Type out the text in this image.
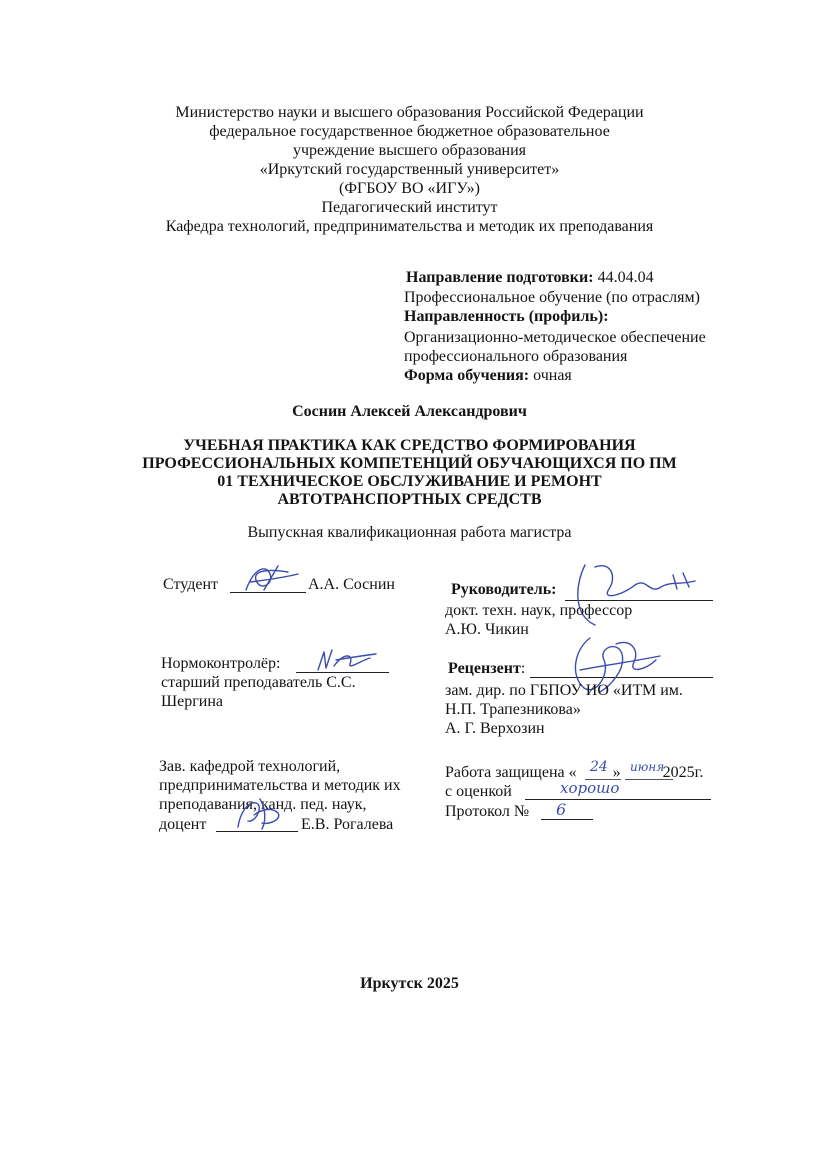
Министерство науки и высшего образования Российской Федерации
федеральное государственное бюджетное образовательное
учреждение высшего образования
«Иркутский государственный университет»
(ФГБОУ ВО «ИГУ»)
Педагогический институт
Кафедра технологий, предпринимательства и методик их преподавания
Направление подготовки: 44.04.04
Профессиональное обучение (по отраслям)
Направленность (профиль):
Организационно-методическое обеспечение
профессионального образования
Форма обучения: очная
Соснин Алексей Александрович
УЧЕБНАЯ ПРАКТИКА КАК СРЕДСТВО ФОРМИРОВАНИЯ
ПРОФЕССИОНАЛЬНЫХ КОМПЕТЕНЦИЙ ОБУЧАЮЩИХСЯ ПО ПМ
01 ТЕХНИЧЕСКОЕ ОБСЛУЖИВАНИЕ И РЕМОНТ
АВТОТРАНСПОРТНЫХ СРЕДСТВ
Выпускная квалификационная работа магистра
Студент	А.А. Соснин	Руководитель:
докт. техн. наук, профессор
А.Ю. Чикин
Нормоконтролёр:
старший преподаватель С.С.
Шергина
Рецензент:
зам. дир. по ГБПОУ ИО «ИТМ им.
Н.П. Трапезникова»
А. Г. Верхозин
Зав. кафедрой технологий,
предпринимательства и методик их
преподавания, канд. пед. наук,
доцент	Е.В. Рогалева
Работа защищена « »	2025г.
24 июня
с оценкой	хорошо
Протокол № 6
Иркутск 2025
